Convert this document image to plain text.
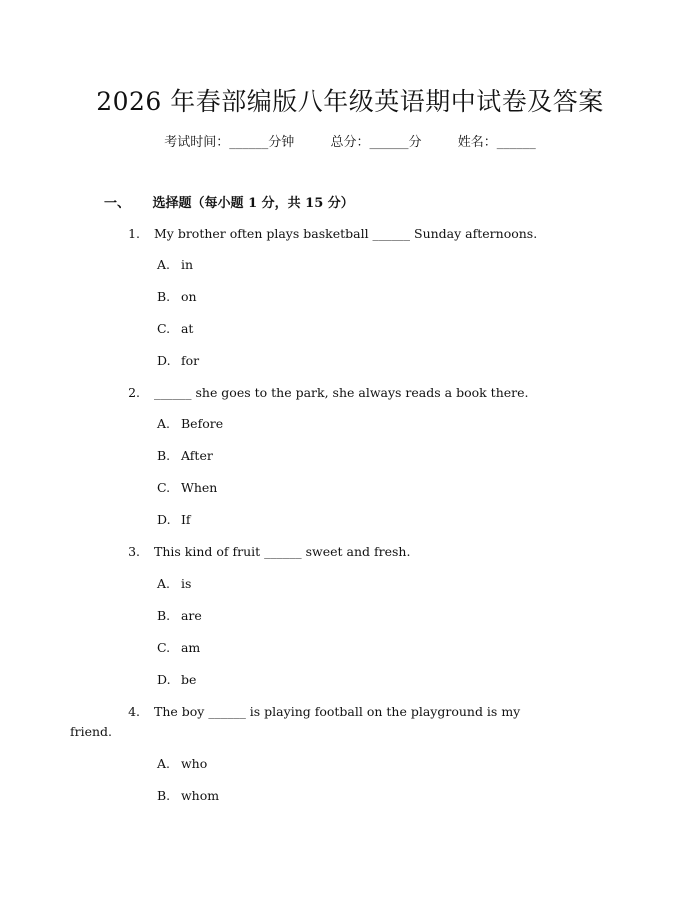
2026 年春部编版八年级英语期中试卷及答案
考试时间：______分钟	总分：______分	姓名：______
一、 选择题（每小题 1 分，共 15 分）
1. My brother often plays basketball ______ Sunday afternoons.
A. in
B. on
C. at
D. for
2. ______ she goes to the park, she always reads a book there.
A. Before
B. After
C. When
D. If
3. This kind of fruit ______ sweet and fresh.
A. is
B. are
C. am
D. be
4. The boy ______ is playing football on the playground is my
friend.
A. who
B. whom
